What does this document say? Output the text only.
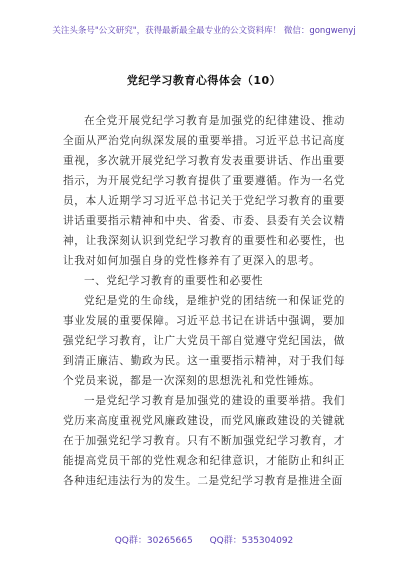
关注头条号"公文研究"，获得最新最全最专业的公文资料库！ 微信：gongwenyj
党纪学习教育心得体会（10）

在全党开展党纪学习教育是加强党的纪律建设、推动全面从严治党向纵深发展的重要举措。习近平总书记高度重视，多次就开展党纪学习教育发表重要讲话、作出重要指示，为开展党纪学习教育提供了重要遵循。作为一名党员，本人近期学习习近平总书记关于党纪学习教育的重要讲话重要指示精神和中央、省委、市委、县委有关会议精神，让我深刻认识到党纪学习教育的重要性和必要性，也让我对如何加强自身的党性修养有了更深入的思考。

一、党纪学习教育的重要性和必要性

党纪是党的生命线，是维护党的团结统一和保证党的事业发展的重要保障。习近平总书记在讲话中强调，要加强党纪学习教育，让广大党员干部自觉遵守党纪国法，做到清正廉洁、勤政为民。这一重要指示精神，对于我们每个党员来说，都是一次深刻的思想洗礼和党性锤炼。

一是党纪学习教育是加强党的建设的重要举措。我们党历来高度重视党风廉政建设，而党风廉政建设的关键就在于加强党纪学习教育。只有不断加强党纪学习教育，才能提高党员干部的党性观念和纪律意识，才能防止和纠正各种违纪违法行为的发生。二是党纪学习教育是推进全面

QQ群：30265665 QQ群：535304092
